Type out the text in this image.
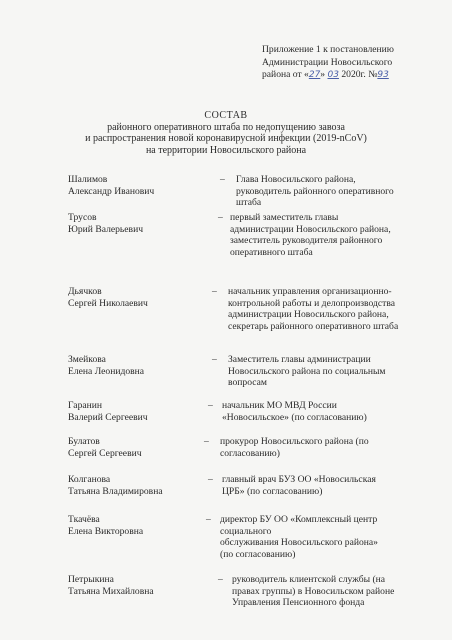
Приложение 1 к постановлению
Администрации Новосильского
района от «27» 03 2020г. №93
СОСТАВ
районного оперативного штаба по недопущению завоза
и распространения новой коронавирусной инфекции (2019-nCoV)
на территории Новосильского района
Шалимов
Александр Иванович
– Глава Новосильского района,
руководитель районного оперативного
штаба
Трусов
Юрий Валерьевич
– первый заместитель главы
администрации Новосильского района,
заместитель руководителя районного
оперативного штаба
Дьячков
Сергей Николаевич
– начальник управления организационно-
контрольной работы и делопроизводства
администрации Новосильского района,
секретарь районного оперативного штаба
Змейкова
Елена Леонидовна
– Заместитель главы администрации
Новосильского района по социальным
вопросам
Гаранин
Валерий Сергеевич
– начальник МО МВД России
«Новосильское» (по согласованию)
Булатов
Сергей Сергеевич
– прокурор Новосильского района (по
согласованию)
Колганова
Татьяна Владимировна
– главный врач БУЗ ОО «Новосильская
ЦРБ» (по согласованию)
Ткачёва
Елена Викторовна
– директор БУ ОО «Комплексный центр
социального
обслуживания Новосильского района»
(по согласованию)
Петрыкина
Татьяна Михайловна
– руководитель клиентской службы (на
правах группы) в Новосильском районе
Управления Пенсионного фонда
